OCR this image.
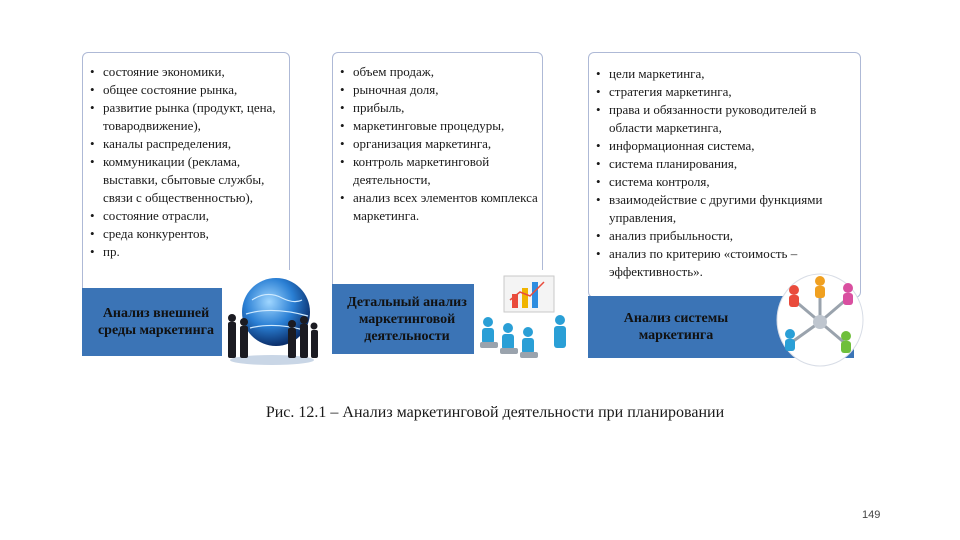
• состояние экономики,
• общее состояние рынка,
• развитие рынка (продукт, цена, товародвижение),
• каналы распределения,
• коммуникации (реклама, выставки, сбытовые службы, связи с общественностью),
• состояние отрасли,
• среда конкурентов,
• пр.
Анализ внешней среды маркетинга
• объем продаж,
• рыночная доля,
• прибыль,
• маркетинговые процедуры,
• организация маркетинга,
• контроль маркетинговой деятельности,
• анализ всех элементов комплекса маркетинга.
Детальный анализ маркетинговой деятельности
• цели маркетинга,
• стратегия маркетинга,
• права и обязанности руководителей в области маркетинга,
• информационная система,
• система планирования,
• система контроля,
• взаимодействие с другими функциями управления,
• анализ прибыльности,
• анализ по критерию «стоимость – эффективность».
Анализ системы маркетинга
Рис. 12.1 – Анализ маркетинговой деятельности при планировании
149
